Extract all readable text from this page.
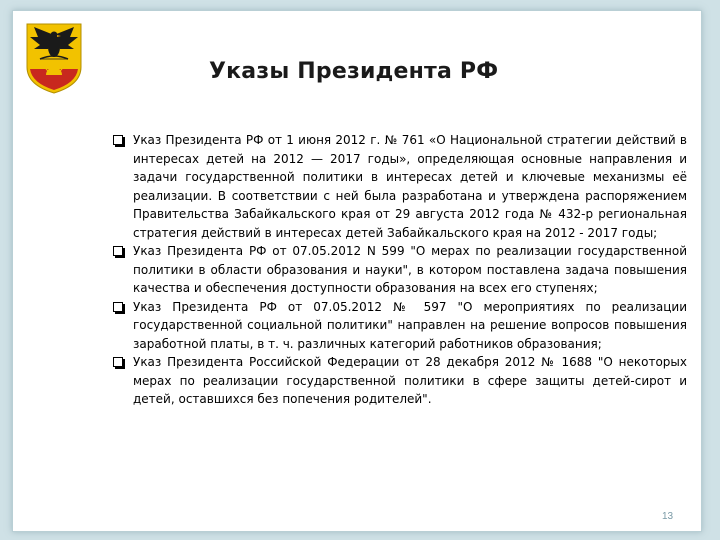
Указы Президента РФ
Указ Президента РФ от 1 июня 2012 г. № 761 «О Национальной стратегии действий в интересах детей на 2012 — 2017 годы», определяющая основные направления и задачи государственной политики в интересах детей и ключевые механизмы её реализации. В соответствии с ней была разработана и утверждена распоряжением Правительства Забайкальского края от 29 августа 2012 года № 432-р региональная стратегия действий в интересах детей Забайкальского края на 2012 - 2017 годы;
Указ Президента РФ от 07.05.2012 N 599 "О мерах по реализации государственной политики в области образования и науки", в котором поставлена задача повышения качества и обеспечения доступности образования на всех его ступенях;
Указ Президента РФ от 07.05.2012 № 597 "О мероприятиях по реализации государственной социальной политики" направлен на решение вопросов повышения заработной платы, в т. ч. различных категорий работников образования;
Указ Президента Российской Федерации от 28 декабря 2012 № 1688 "О некоторых мерах по реализации государственной политики в сфере защиты детей-сирот и детей, оставшихся без попечения родителей".
13
